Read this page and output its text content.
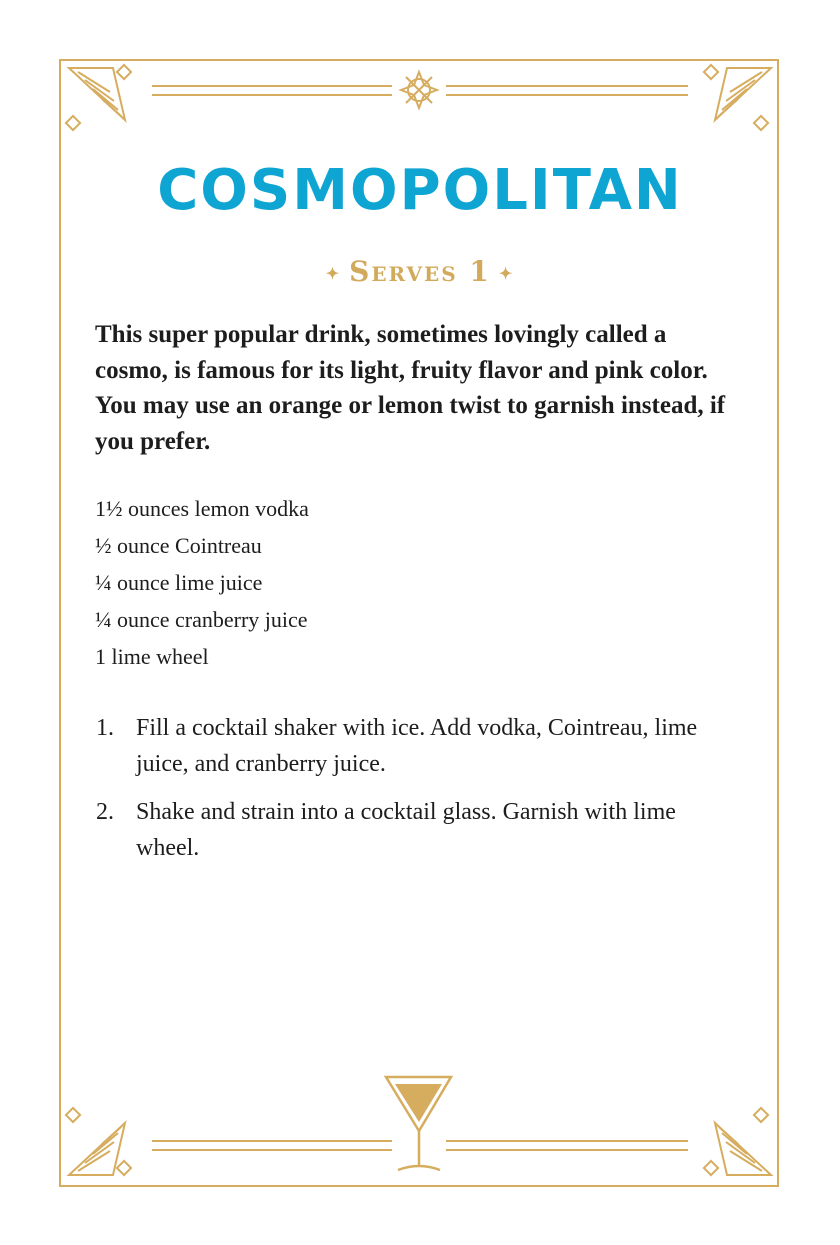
COSMOPOLITAN
✦ Serves 1 ✦

This super popular drink, sometimes lovingly called a cosmo, is famous for its light, fruity flavor and pink color. You may use an orange or lemon twist to garnish instead, if you prefer.

1½ ounces lemon vodka
½ ounce Cointreau
¼ ounce lime juice
¼ ounce cranberry juice
1 lime wheel
1. Fill a cocktail shaker with ice. Add vodka, Cointreau, lime juice, and cranberry juice.
2. Shake and strain into a cocktail glass. Garnish with lime wheel.
